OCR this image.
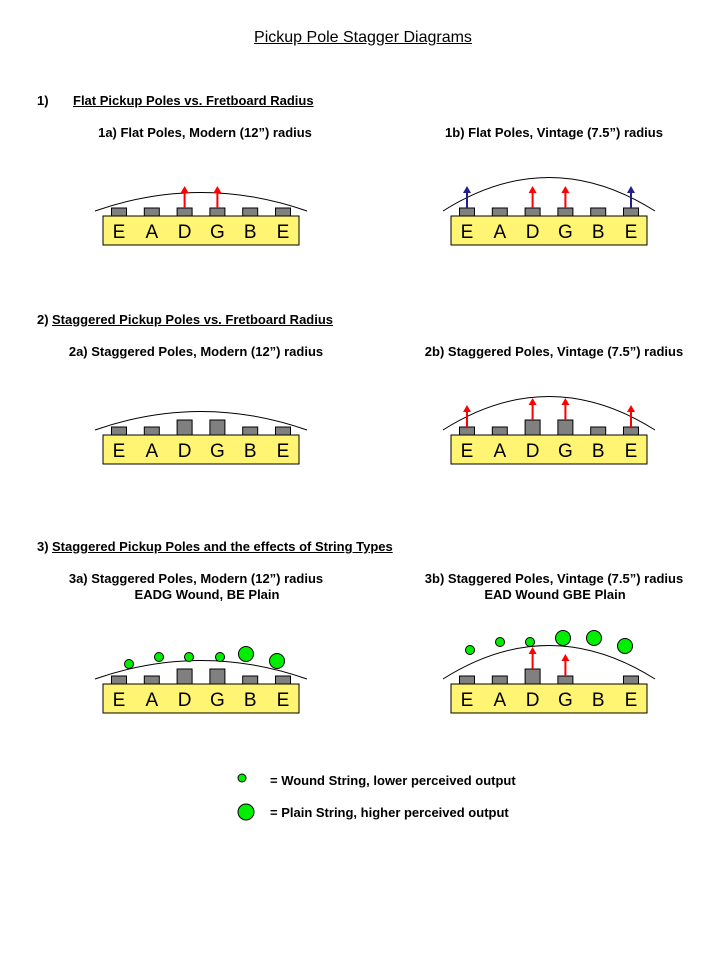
Pickup Pole Stagger Diagrams
1) Flat Pickup Poles vs. Fretboard Radius
2) Staggered Pickup Poles vs. Fretboard Radius
3) Staggered Pickup Poles and the effects of String Types
1a) Flat Poles, Modern (12”) radius	1b) Flat Poles, Vintage (7.5”) radius
2a) Staggered Poles, Modern (12”) radius	2b) Staggered Poles, Vintage (7.5”) radius
3a) Staggered Poles, Modern (12”) radius
EADG Wound, BE Plain
3b) Staggered Poles, Vintage (7.5”) radius
EAD Wound GBE Plain
E A D G B E	E A D G B E
E A D G B E	E A D G B E
E A D G B E	E A D G B E
= Wound String, lower perceived output
= Plain String, higher perceived output
